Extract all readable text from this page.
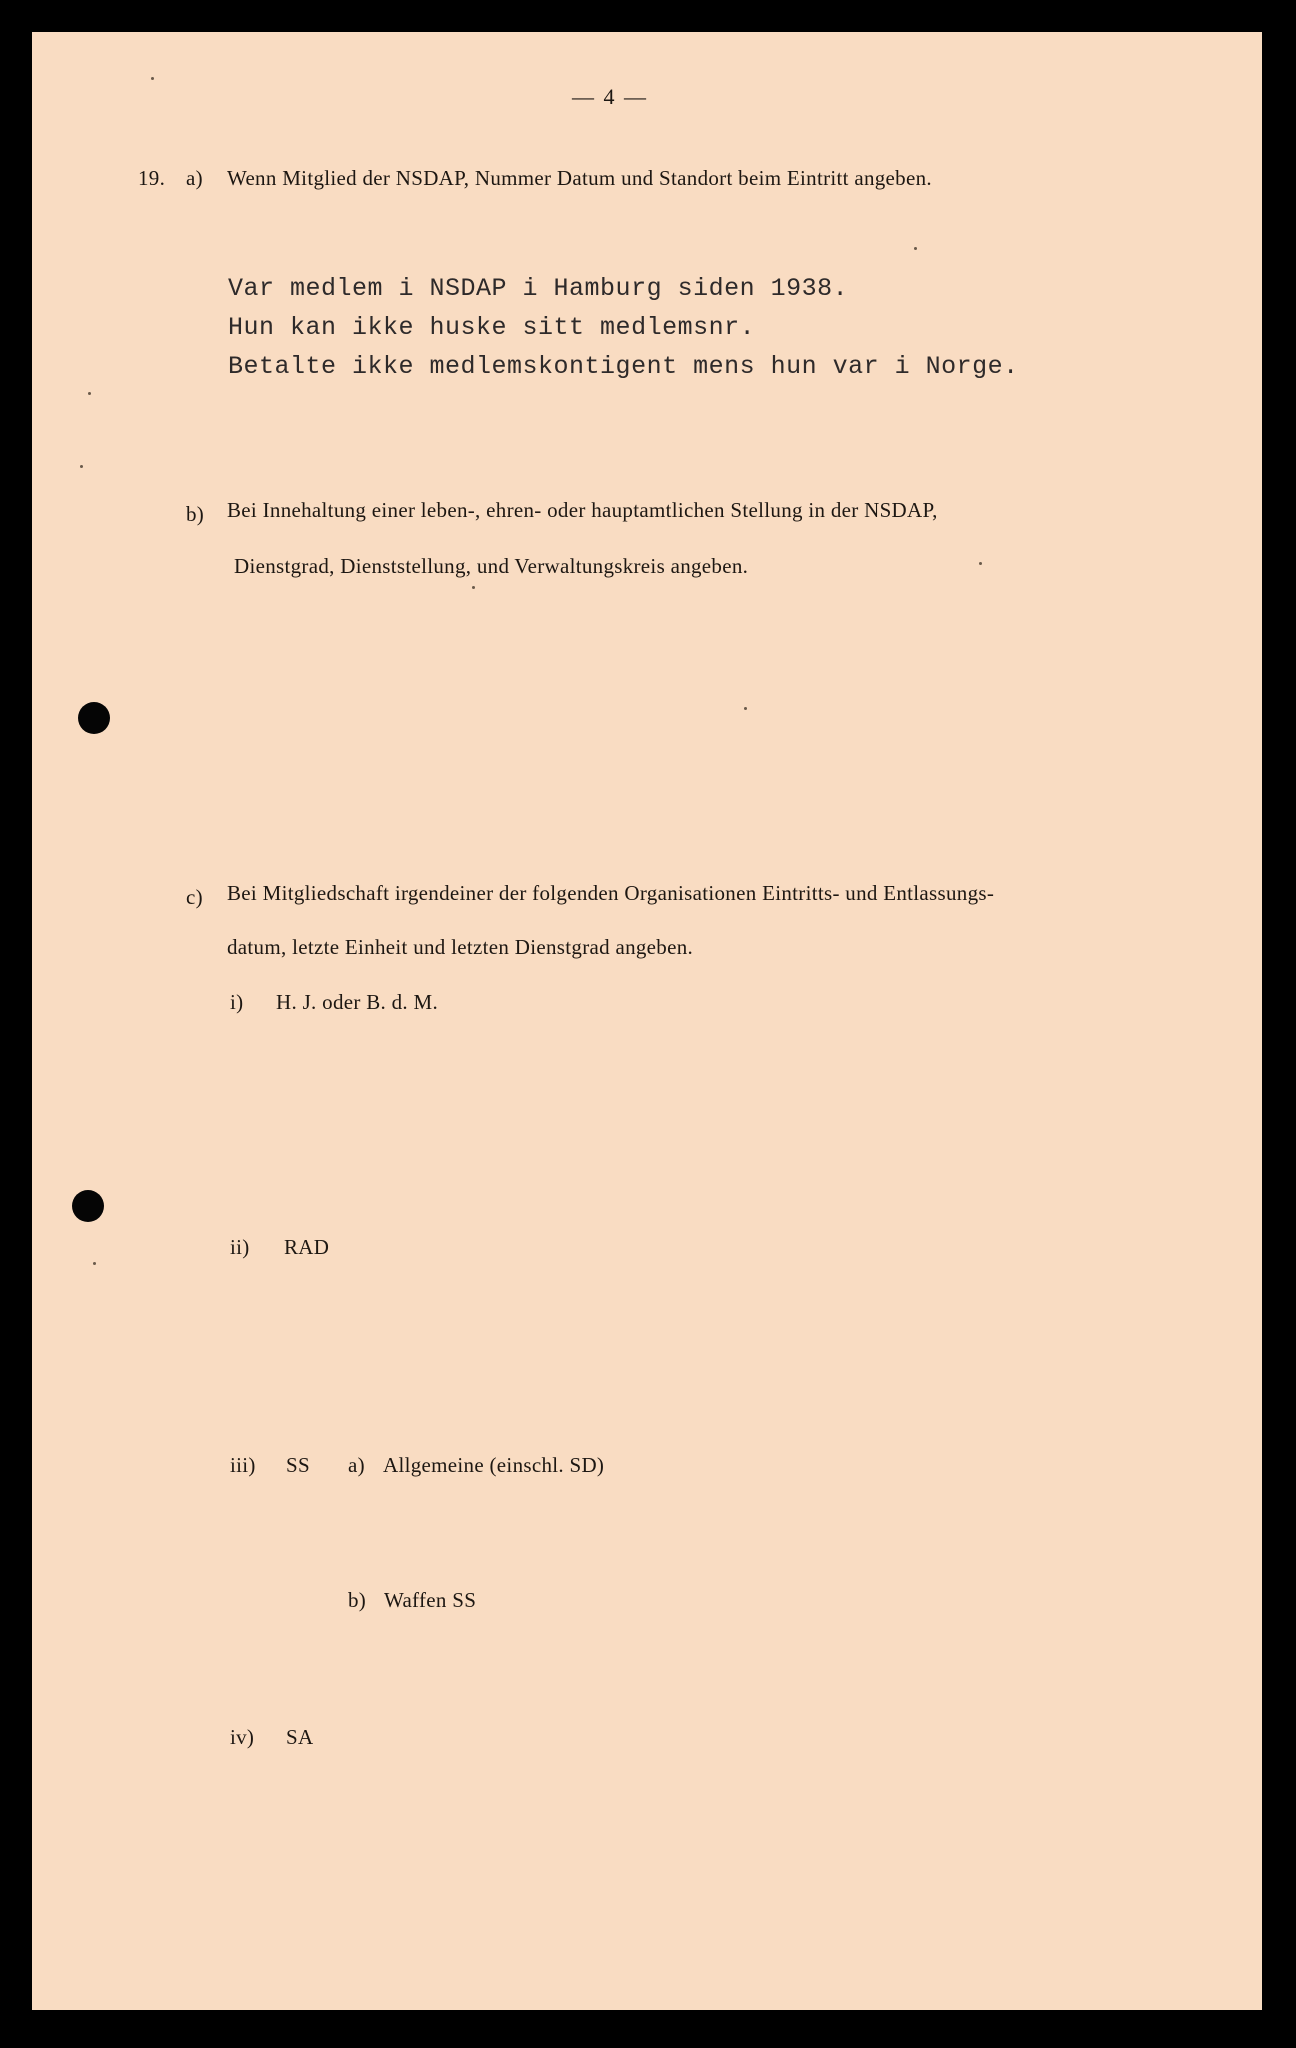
— 4 —
19. a) Wenn Mitglied der NSDAP, Nummer Datum und Standort beim Eintritt angeben.
Var medlem i NSDAP i Hamburg siden 1938.
Hun kan ikke huske sitt medlemsnr.
Betalte ikke medlemskontigent mens hun var i Norge.
b) Bei Innehaltung einer leben-, ehren- oder hauptamtlichen Stellung in der NSDAP,
Dienstgrad, Dienststellung, und Verwaltungskreis angeben.
c) Bei Mitgliedschaft irgendeiner der folgenden Organisationen Eintritts- und Entlassungs-
datum, letzte Einheit und letzten Dienstgrad angeben.
i) H. J. oder B. d. M.
ii) RAD
iii) SS a) Allgemeine (einschl. SD)
b) Waffen SS
iv) SA
